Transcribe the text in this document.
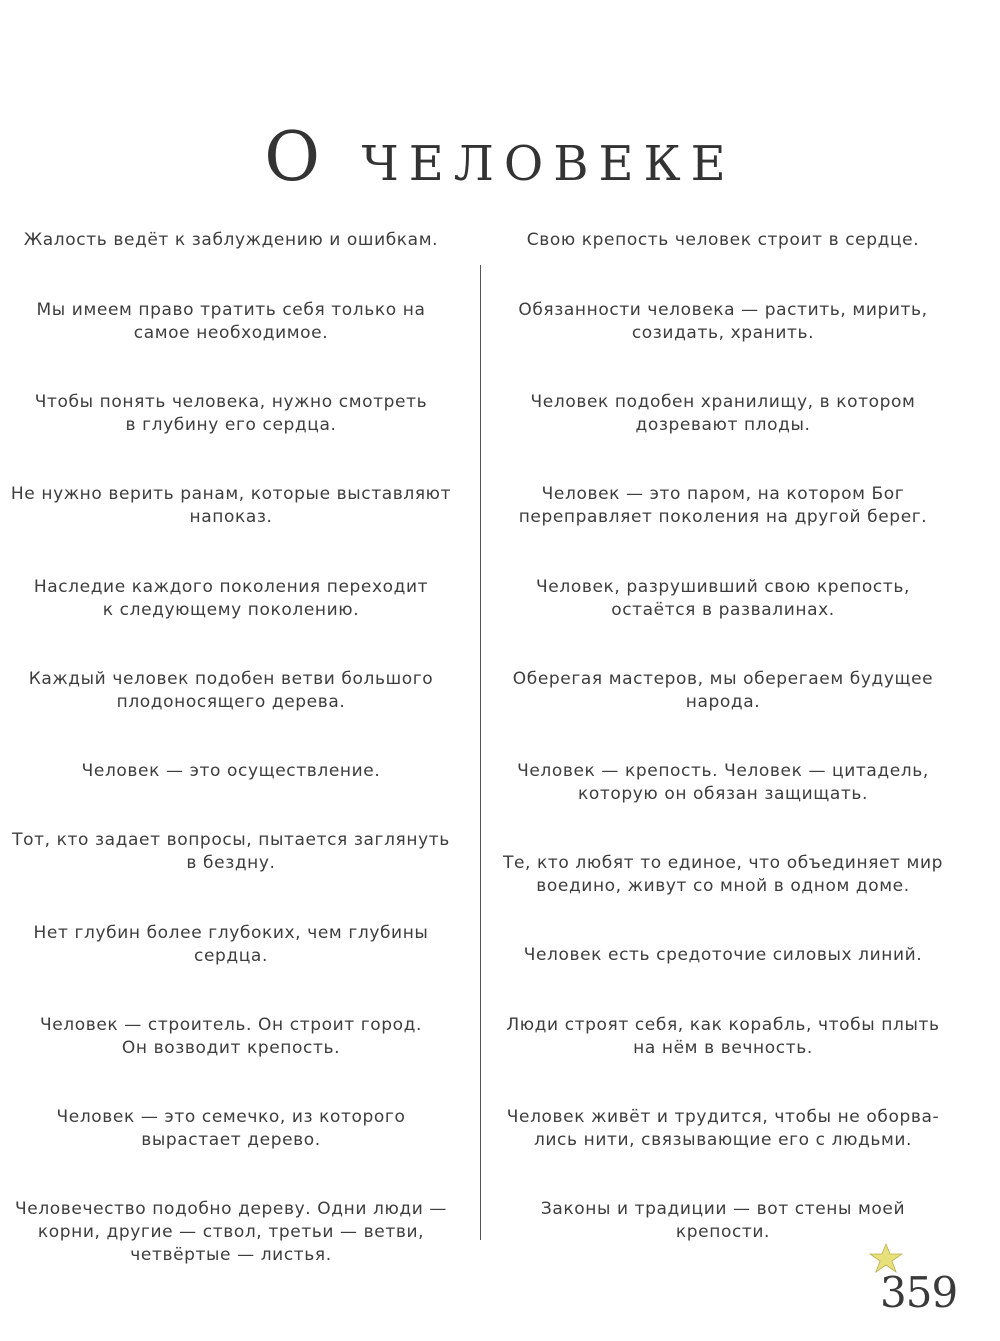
О человеке
Жалость ведёт к заблуждению и ошибкам.
Мы имеем право тратить себя только на
самое необходимое.
Чтобы понять человека, нужно смотреть
в глубину его сердца.
Не нужно верить ранам, которые выставляют
напоказ.
Наследие каждого поколения переходит
к следующему поколению.
Каждый человек подобен ветви большого
плодоносящего дерева.
Человек — это осуществление.
Тот, кто задает вопросы, пытается заглянуть
в бездну.
Нет глубин более глубоких, чем глубины
сердца.
Человек — строитель. Он строит город.
Он возводит крепость.
Человек — это семечко, из которого
вырастает дерево.
Человечество подобно дереву. Одни люди —
корни, другие — ствол, третьи — ветви,
четвёртые — листья.
Свою крепость человек строит в сердце.
Обязанности человека — растить, мирить,
созидать, хранить.
Человек подобен хранилищу, в котором
дозревают плоды.
Человек — это паром, на котором Бог
переправляет поколения на другой берег.
Человек, разрушивший свою крепость,
остаётся в развалинах.
Оберегая мастеров, мы оберегаем будущее
народа.
Человек — крепость. Человек — цитадель,
которую он обязан защищать.
Те, кто любят то единое, что объединяет мир
воедино, живут со мной в одном доме.
Человек есть средоточие силовых линий.
Люди строят себя, как корабль, чтобы плыть
на нём в вечность.
Человек живёт и трудится, чтобы не оборва-
лись нити, связывающие его с людьми.
Законы и традиции — вот стены моей
крепости.
359
